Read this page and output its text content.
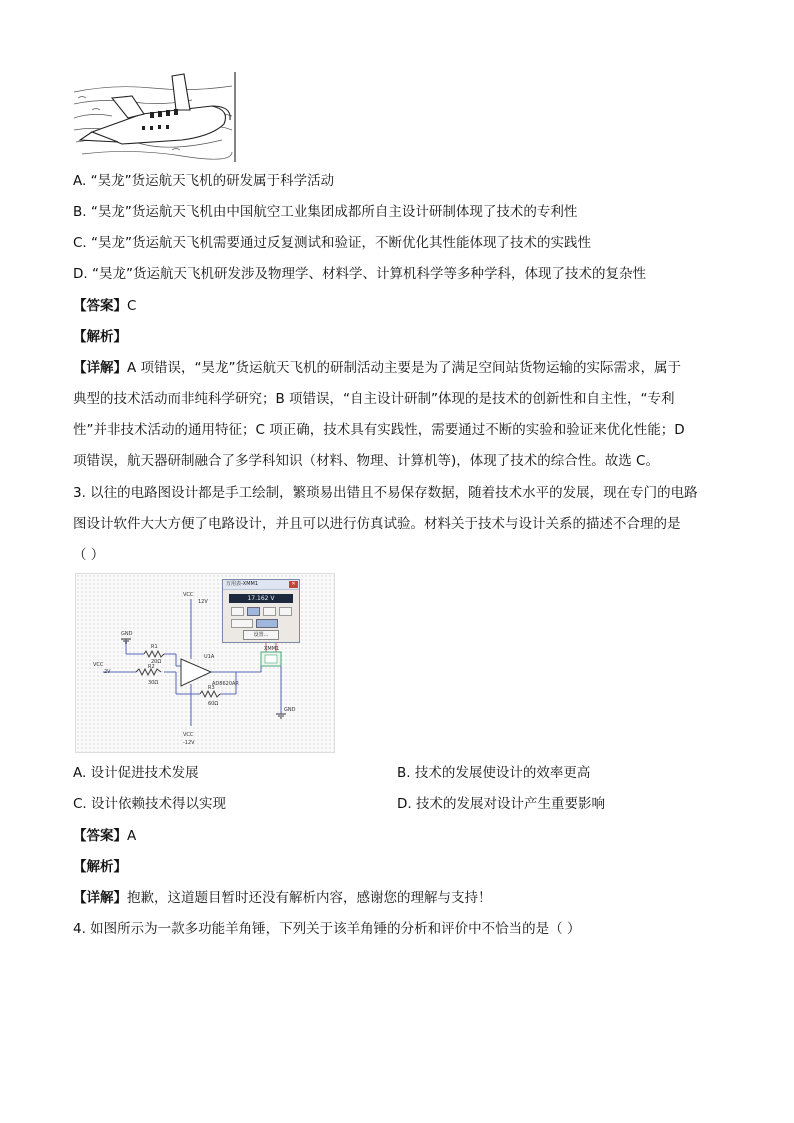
A. “昊龙”货运航天飞机的研发属于科学活动
B. “昊龙”货运航天飞机由中国航空工业集团成都所自主设计研制体现了技术的专利性
C. “昊龙”货运航天飞机需要通过反复测试和验证，不断优化其性能体现了技术的实践性
D. “昊龙”货运航天飞机研发涉及物理学、材料学、计算机科学等多种学科，体现了技术的复杂性
【答案】C
【解析】
【详解】A 项错误，“昊龙”货运航天飞机的研制活动主要是为了满足空间站货物运输的实际需求，属于
典型的技术活动而非纯科学研究；B 项错误，“自主设计研制”体现的是技术的创新性和自主性，“专利
性”并非技术活动的通用特征；C 项正确，技术具有实践性，需要通过不断的实验和验证来优化性能；D
项错误，航天器研制融合了多学科知识（材料、物理、计算机等)，体现了技术的综合性。故选 C。
3. 以往的电路图设计都是手工绘制，繁琐易出错且不易保存数据，随着技术水平的发展，现在专门的电路
图设计软件大大方便了电路设计，并且可以进行仿真试验。材料关于技术与设计关系的描述不合理的是
（ ）
VCC
12V
VCC
-12V
VCC
2V
GND
GND
R1
20Ω
R2
30Ω
R3
60Ω
U1A
AD8620AR
XMM1
万用表-XMM1	✕
17.162 V
设置...
A. 设计促进技术发展	B. 技术的发展使设计的效率更高
C. 设计依赖技术得以实现	D. 技术的发展对设计产生重要影响
【答案】A
【解析】
【详解】抱歉，这道题目暂时还没有解析内容，感谢您的理解与支持！
4. 如图所示为一款多功能羊角锤，下列关于该羊角锤的分析和评价中不恰当的是（ ）
